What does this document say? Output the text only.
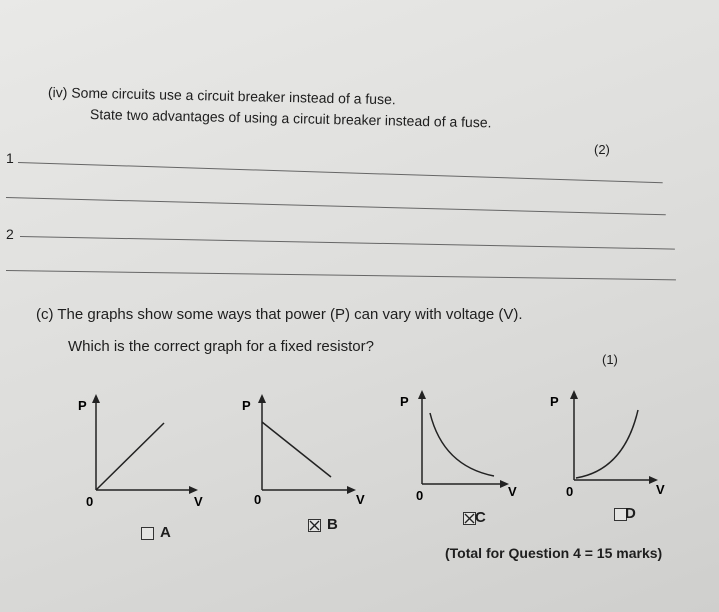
(iv) Some circuits use a circuit breaker instead of a fuse.
State two advantages of using a circuit breaker instead of a fuse.
(2)
1
2
(c) The graphs show some ways that power (P) can vary with voltage (V).
Which is the correct graph for a fixed resistor?
(1)
P
0	V
P
0	V
P
0	V
P
0	V
A	B	C	D
(Total for Question 4 = 15 marks)
